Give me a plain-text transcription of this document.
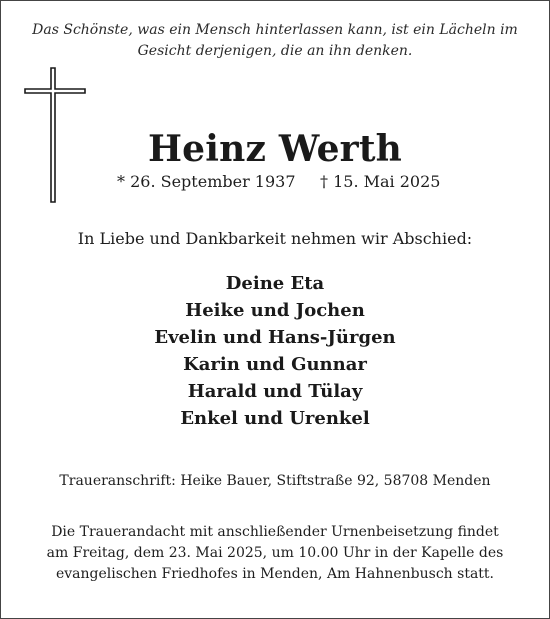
Das Schönste, was ein Mensch hinterlassen kann, ist ein Lächeln im
Gesicht derjenigen, die an ihn denken.
Heinz Werth
* 26. September 1937 † 15. Mai 2025
In Liebe und Dankbarkeit nehmen wir Abschied:
Deine Eta
Heike und Jochen
Evelin und Hans-Jürgen
Karin und Gunnar
Harald und Tülay
Enkel und Urenkel
Traueranschrift: Heike Bauer, Stiftstraße 92, 58708 Menden
Die Trauerandacht mit anschließender Urnenbeisetzung findet
am Freitag, dem 23. Mai 2025, um 10.00 Uhr in der Kapelle des
evangelischen Friedhofes in Menden, Am Hahnenbusch statt.
